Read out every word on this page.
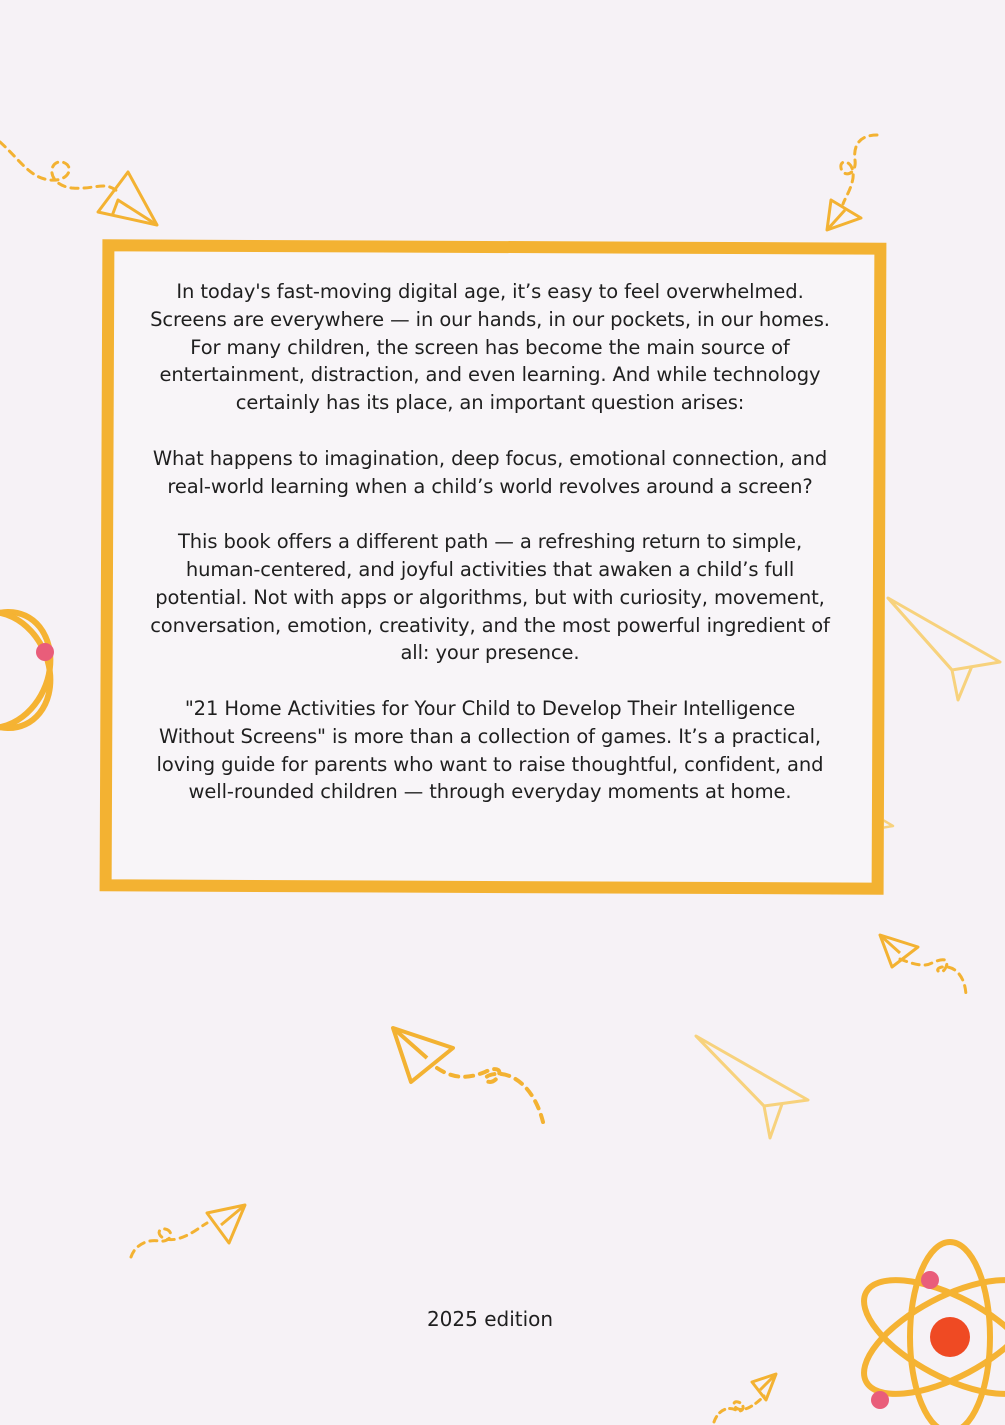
In today's fast-moving digital age, it’s easy to feel overwhelmed. Screens are everywhere — in our hands, in our pockets, in our homes. For many children, the screen has become the main source of entertainment, distraction, and even learning. And while technology certainly has its place, an important question arises:

What happens to imagination, deep focus, emotional connection, and real-world learning when a child’s world revolves around a screen?

This book offers a different path — a refreshing return to simple, human-centered, and joyful activities that awaken a child’s full potential. Not with apps or algorithms, but with curiosity, movement, conversation, emotion, creativity, and the most powerful ingredient of all: your presence.

"21 Home Activities for Your Child to Develop Their Intelligence Without Screens" is more than a collection of games. It’s a practical, loving guide for parents who want to raise thoughtful, confident, and well-rounded children — through everyday moments at home.

2025 edition
